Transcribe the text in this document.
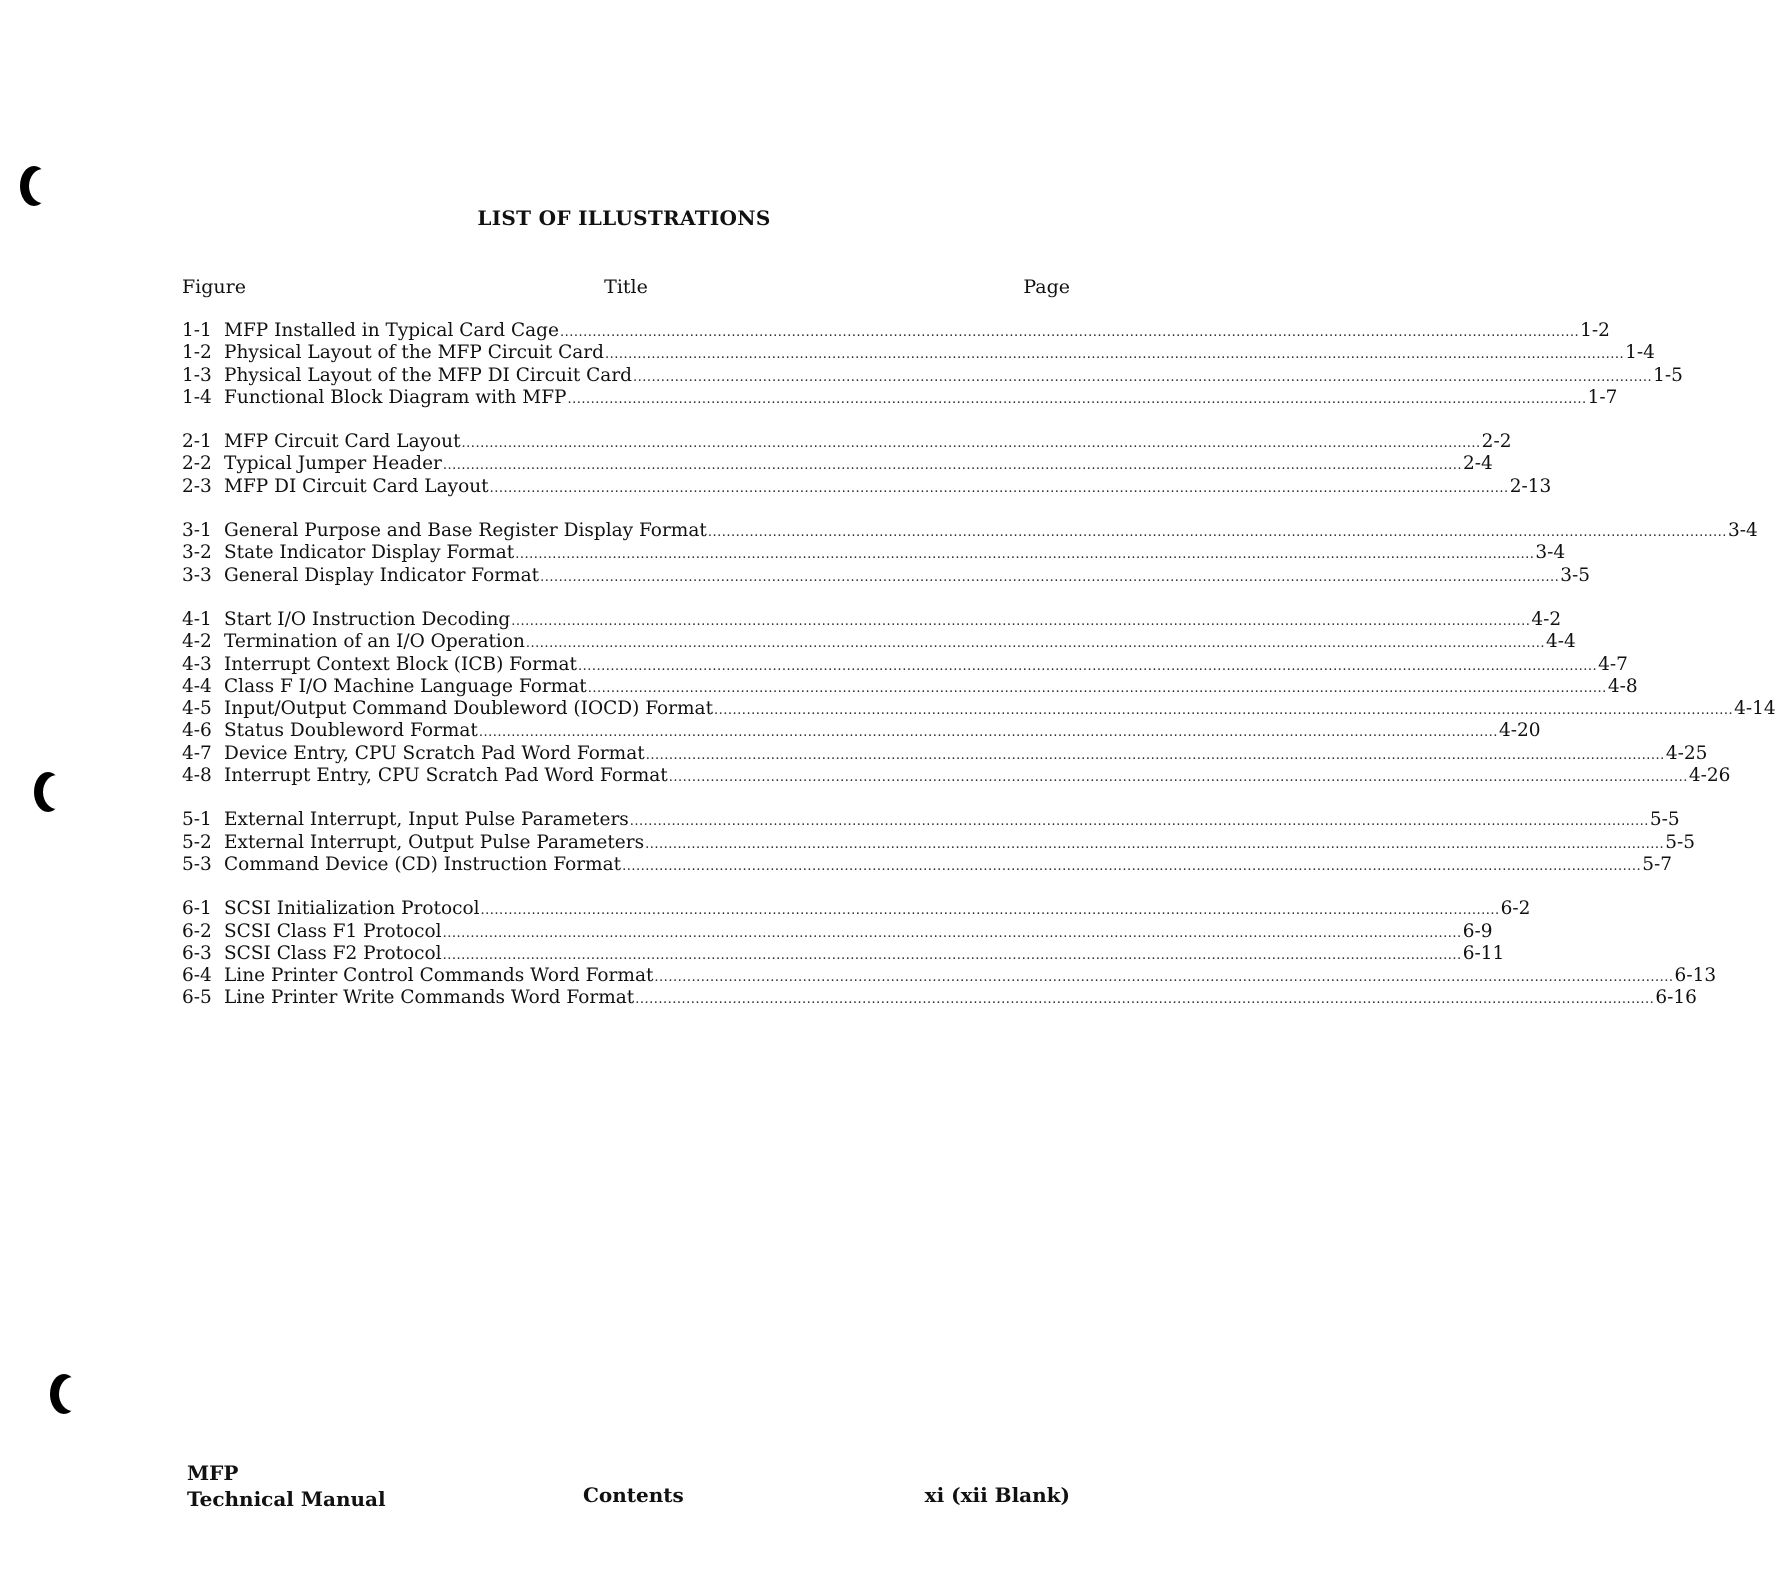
LIST OF ILLUSTRATIONS
Figure	Title	Page
1-1 MFP Installed in Typical Card Cage ............................................................................................................................................................................................................................ 1-2
1-2 Physical Layout of the MFP Circuit Card ............................................................................................................................................................................................................................ 1-4
1-3 Physical Layout of the MFP DI Circuit Card ............................................................................................................................................................................................................................ 1-5
1-4 Functional Block Diagram with MFP ............................................................................................................................................................................................................................ 1-7
2-1 MFP Circuit Card Layout ............................................................................................................................................................................................................................ 2-2
2-2 Typical Jumper Header ............................................................................................................................................................................................................................ 2-4
2-3 MFP DI Circuit Card Layout ............................................................................................................................................................................................................................ 2-13
3-1 General Purpose and Base Register Display Format ............................................................................................................................................................................................................................ 3-4
3-2 State Indicator Display Format ............................................................................................................................................................................................................................ 3-4
3-3 General Display Indicator Format ............................................................................................................................................................................................................................ 3-5
4-1 Start I/O Instruction Decoding ............................................................................................................................................................................................................................ 4-2
4-2 Termination of an I/O Operation ............................................................................................................................................................................................................................ 4-4
4-3 Interrupt Context Block (ICB) Format ............................................................................................................................................................................................................................ 4-7
4-4 Class F I/O Machine Language Format ............................................................................................................................................................................................................................ 4-8
4-5 Input/Output Command Doubleword (IOCD) Format ............................................................................................................................................................................................................................ 4-14
4-6 Status Doubleword Format ............................................................................................................................................................................................................................ 4-20
4-7 Device Entry, CPU Scratch Pad Word Format ............................................................................................................................................................................................................................ 4-25
4-8 Interrupt Entry, CPU Scratch Pad Word Format ............................................................................................................................................................................................................................ 4-26
5-1 External Interrupt, Input Pulse Parameters ............................................................................................................................................................................................................................ 5-5
5-2 External Interrupt, Output Pulse Parameters ............................................................................................................................................................................................................................ 5-5
5-3 Command Device (CD) Instruction Format ............................................................................................................................................................................................................................ 5-7
6-1 SCSI Initialization Protocol ............................................................................................................................................................................................................................ 6-2
6-2 SCSI Class F1 Protocol ............................................................................................................................................................................................................................ 6-9
6-3 SCSI Class F2 Protocol ............................................................................................................................................................................................................................ 6-11
6-4 Line Printer Control Commands Word Format ............................................................................................................................................................................................................................ 6-13
6-5 Line Printer Write Commands Word Format ............................................................................................................................................................................................................................ 6-16
MFP
Technical Manual	Contents	xi (xii Blank)
